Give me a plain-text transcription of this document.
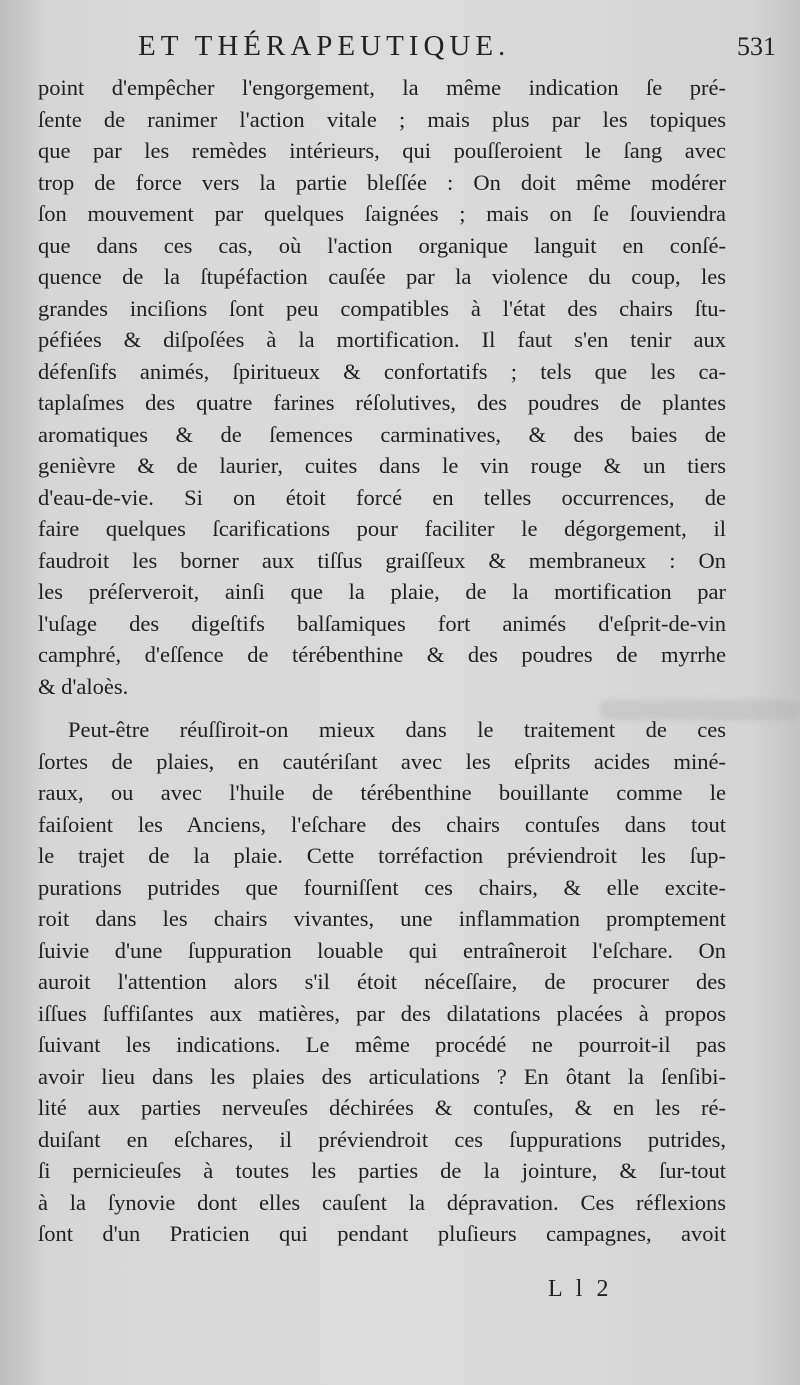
ET THÉRAPEUTIQUE.	531
point d'empêcher l'engorgement, la même indication ſe pré-
ſente de ranimer l'action vitale ; mais plus par les topiques
que par les remèdes intérieurs, qui pouſſeroient le ſang avec
trop de force vers la partie bleſſée : On doit même modérer
ſon mouvement par quelques ſaignées ; mais on ſe ſouviendra
que dans ces cas, où l'action organique languit en conſé-
quence de la ſtupéfaction cauſée par la violence du coup, les
grandes inciſions ſont peu compatibles à l'état des chairs ſtu-
péfiées & diſpoſées à la mortification. Il faut s'en tenir aux
défenſifs animés, ſpiritueux & confortatifs ; tels que les ca-
taplaſmes des quatre farines réſolutives, des poudres de plantes
aromatiques & de ſemences carminatives, & des baies de
genièvre & de laurier, cuites dans le vin rouge & un tiers
d'eau-de-vie. Si on étoit forcé en telles occurrences, de
faire quelques ſcarifications pour faciliter le dégorgement, il
faudroit les borner aux tiſſus graiſſeux & membraneux : On
les préſerveroit, ainſi que la plaie, de la mortification par
l'uſage des digeſtifs balſamiques fort animés d'eſprit-de-vin
camphré, d'eſſence de térébenthine & des poudres de myrrhe
& d'aloès.
Peut-être réuſſiroit-on mieux dans le traitement de ces
ſortes de plaies, en cautériſant avec les eſprits acides miné-
raux, ou avec l'huile de térébenthine bouillante comme le
faiſoient les Anciens, l'eſchare des chairs contuſes dans tout
le trajet de la plaie. Cette torréfaction préviendroit les ſup-
purations putrides que fourniſſent ces chairs, & elle excite-
roit dans les chairs vivantes, une inflammation promptement
ſuivie d'une ſuppuration louable qui entraîneroit l'eſchare. On
auroit l'attention alors s'il étoit néceſſaire, de procurer des
iſſues ſuffiſantes aux matières, par des dilatations placées à propos
ſuivant les indications. Le même procédé ne pourroit-il pas
avoir lieu dans les plaies des articulations ? En ôtant la ſenſibi-
lité aux parties nerveuſes déchirées & contuſes, & en les ré-
duiſant en eſchares, il préviendroit ces ſuppurations putrides,
ſi pernicieuſes à toutes les parties de la jointure, & ſur-tout
à la ſynovie dont elles cauſent la dépravation. Ces réflexions
ſont d'un Praticien qui pendant pluſieurs campagnes, avoit
L l 2
